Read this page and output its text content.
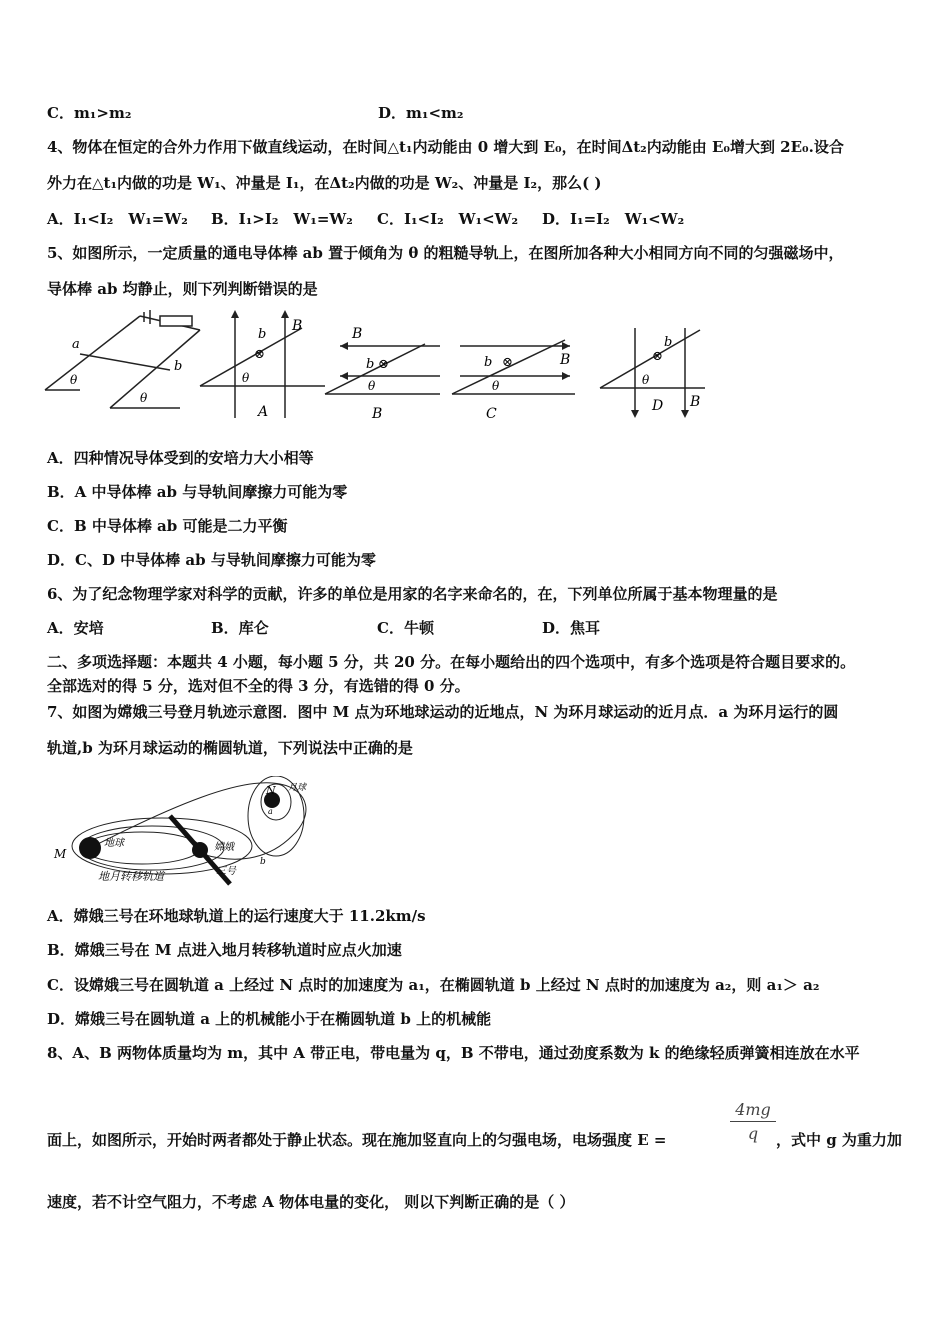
C．m₁>m₂	D．m₁<m₂
4、物体在恒定的合外力作用下做直线运动，在时间△t₁内动能由 0 增大到 E₀，在时间Δt₂内动能由 E₀增大到 2E₀.设合
外力在△t₁内做的功是 W₁、冲量是 I₁，在Δt₂内做的功是 W₂、冲量是 I₂，那么( )
A．I₁<I₂　W₁=W₂ B．I₁>I₂　W₁=W₂ C．I₁<I₂　W₁<W₂ D．I₁=I₂　W₁<W₂
5、如图所示，一定质量的通电导体棒 ab 置于倾角为 θ 的粗糙导轨上，在图所加各种大小相同方向不同的匀强磁场中，
导体棒 ab 均静止，则下列判断错误的是
a
b
θ
θ
b
⊗
B
θ
A
B
b ⊗
θ
B
b ⊗	B
θ
C
b
⊗
θ
D B
A．四种情况导体受到的安培力大小相等
B．A 中导体棒 ab 与导轨间摩擦力可能为零
C．B 中导体棒 ab 可能是二力平衡
D．C、D 中导体棒 ab 与导轨间摩擦力可能为零
6、为了纪念物理学家对科学的贡献，许多的单位是用家的名字来命名的，在，下列单位所属于基本物理量的是
A．安培	B．库仑	C．牛顿	D．焦耳
二、多项选择题：本题共 4 小题，每小题 5 分，共 20 分。在每小题给出的四个选项中，有多个选项是符合题目要求的。
全部选对的得 5 分，选对但不全的得 3 分，有选错的得 0 分。
7、如图为嫦娥三号登月轨迹示意图．图中 M 点为环地球运动的近地点，N 为环月球运动的近月点．a 为环月运行的圆
轨道,b 为环月球运动的椭圆轨道，下列说法中正确的是
M
地球
N 月球
a
b
嫦娥
三号
地月转移轨道
A．嫦娥三号在环地球轨道上的运行速度大于 11.2km/s
B．嫦娥三号在 M 点进入地月转移轨道时应点火加速
C．设嫦娥三号在圆轨道 a 上经过 N 点时的加速度为 a₁，在椭圆轨道 b 上经过 N 点时的加速度为 a₂，则 a₁＞ a₂
D．嫦娥三号在圆轨道 a 上的机械能小于在椭圆轨道 b 上的机械能
8、A、B 两物体质量均为 m，其中 A 带正电，带电量为 q，B 不带电，通过劲度系数为 k 的绝缘轻质弹簧相连放在水平
面上，如图所示，开始时两者都处于静止状态。现在施加竖直向上的匀强电场，电场强度 E =	$\frac{4mg}{q}$ ，式中 g 为重力加
速度，若不计空气阻力，不考虑 A 物体电量的变化， 则以下判断正确的是（ ）
